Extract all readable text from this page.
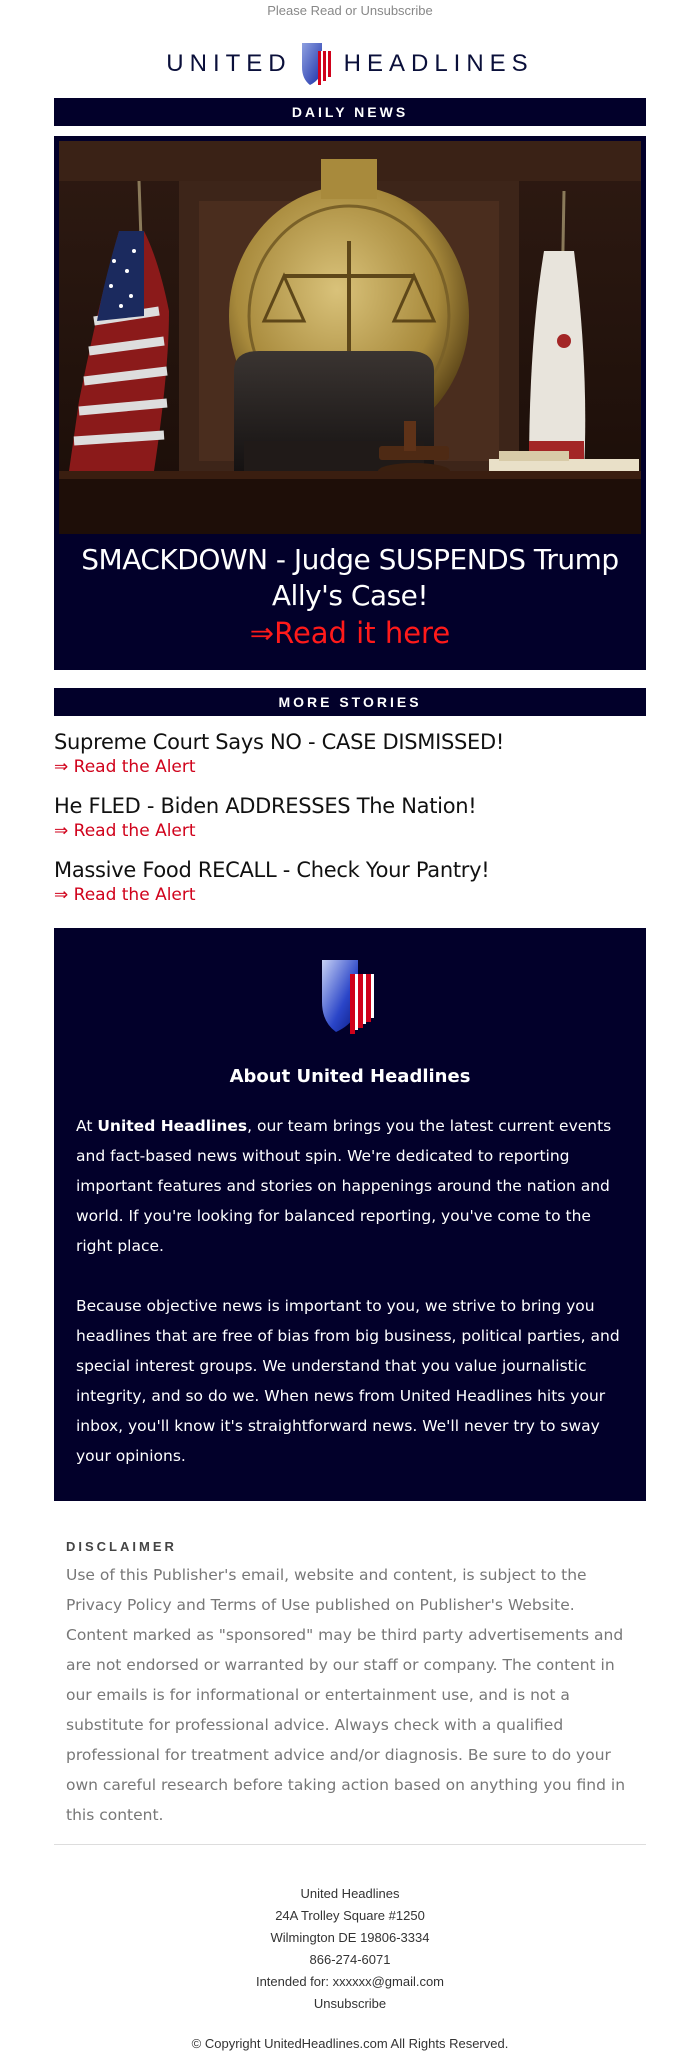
Please Read or Unsubscribe
UNITED HEADLINES
DAILY NEWS
SMACKDOWN - Judge SUSPENDS Trump Ally's Case!
⇒Read it here
MORE STORIES
Supreme Court Says NO - CASE DISMISSED!
⇒ Read the Alert
He FLED - Biden ADDRESSES The Nation!
⇒ Read the Alert
Massive Food RECALL - Check Your Pantry!
⇒ Read the Alert
About United Headlines

At United Headlines, our team brings you the latest current events and fact-based news without spin. We're dedicated to reporting important features and stories on happenings around the nation and world. If you're looking for balanced reporting, you've come to the right place.

Because objective news is important to you, we strive to bring you headlines that are free of bias from big business, political parties, and special interest groups. We understand that you value journalistic integrity, and so do we. When news from United Headlines hits your inbox, you'll know it's straightforward news. We'll never try to sway your opinions.

DISCLAIMER
Use of this Publisher's email, website and content, is subject to the Privacy Policy and Terms of Use published on Publisher's Website. Content marked as "sponsored" may be third party advertisements and are not endorsed or warranted by our staff or company. The content in our emails is for informational or entertainment use, and is not a substitute for professional advice. Always check with a qualified professional for treatment advice and/or diagnosis. Be sure to do your own careful research before taking action based on anything you find in this content.
United Headlines
24A Trolley Square #1250
Wilmington DE 19806-3334
866-274-6071
Intended for: xxxxxx@gmail.com
Unsubscribe
© Copyright UnitedHeadlines.com All Rights Reserved.
